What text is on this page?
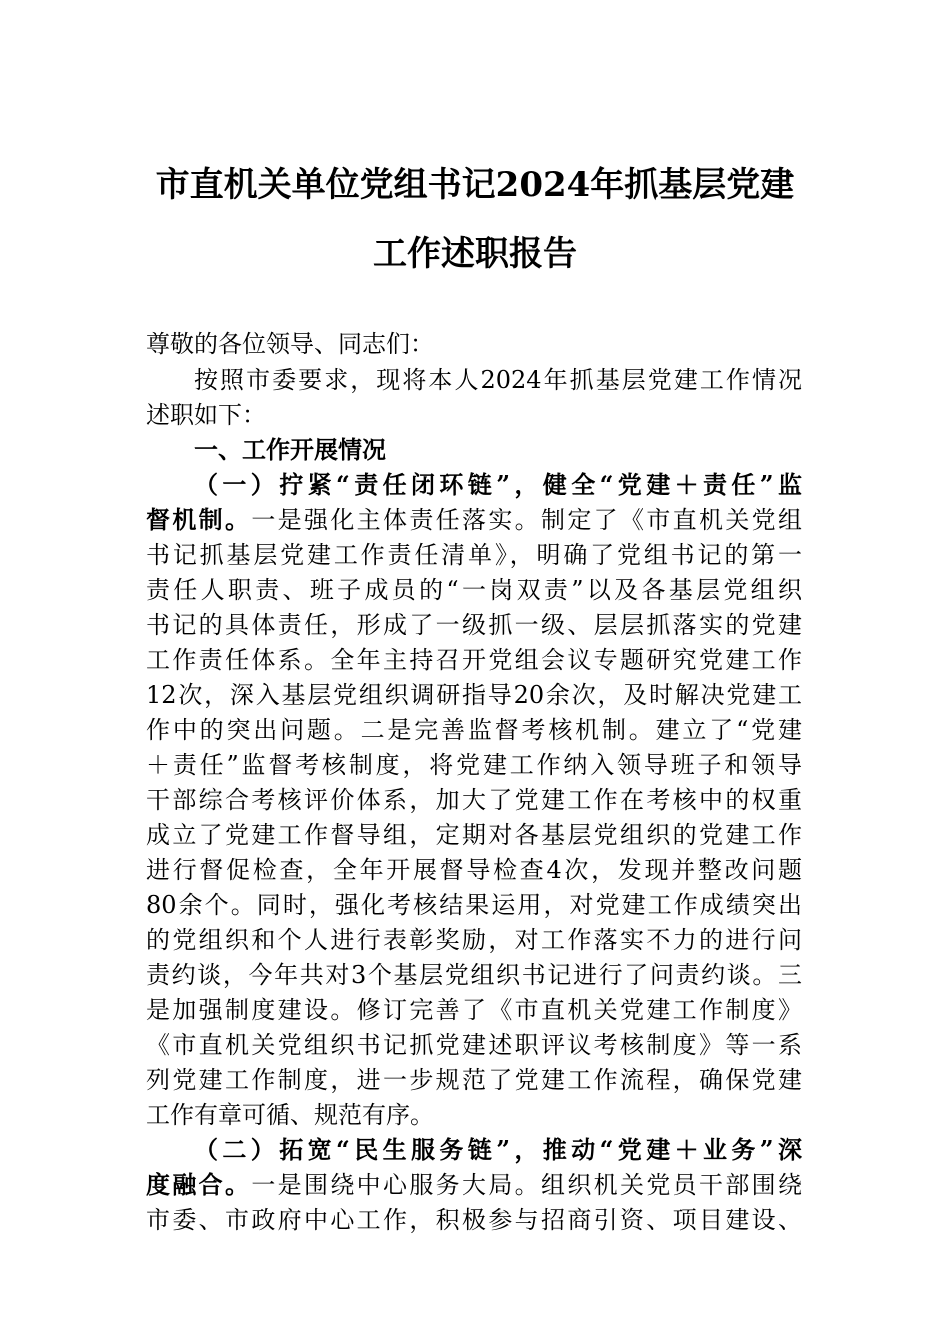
市直机关单位党组书记2024年抓基层党建
工作述职报告
尊敬的各位领导、同志们：
按照市委要求，现将本人2024年抓基层党建工作情况
述职如下：
一、工作开展情况
（一）拧紧“责任闭环链”，健全“党建＋责任”监
督机制。一是强化主体责任落实。制定了《市直机关党组
书记抓基层党建工作责任清单》，明确了党组书记的第一
责任人职责、班子成员的“一岗双责”以及各基层党组织
书记的具体责任，形成了一级抓一级、层层抓落实的党建
工作责任体系。全年主持召开党组会议专题研究党建工作
12次，深入基层党组织调研指导20余次，及时解决党建工
作中的突出问题。二是完善监督考核机制。建立了“党建
＋责任”监督考核制度，将党建工作纳入领导班子和领导
干部综合考核评价体系，加大了党建工作在考核中的权重
成立了党建工作督导组，定期对各基层党组织的党建工作
进行督促检查，全年开展督导检查4次，发现并整改问题
80余个。同时，强化考核结果运用，对党建工作成绩突出
的党组织和个人进行表彰奖励，对工作落实不力的进行问
责约谈，今年共对3个基层党组织书记进行了问责约谈。三
是加强制度建设。修订完善了《市直机关党建工作制度》
《市直机关党组织书记抓党建述职评议考核制度》等一系
列党建工作制度，进一步规范了党建工作流程，确保党建
工作有章可循、规范有序。
（二）拓宽“民生服务链”，推动“党建＋业务”深
度融合。一是围绕中心服务大局。组织机关党员干部围绕
市委、市政府中心工作，积极参与招商引资、项目建设、
